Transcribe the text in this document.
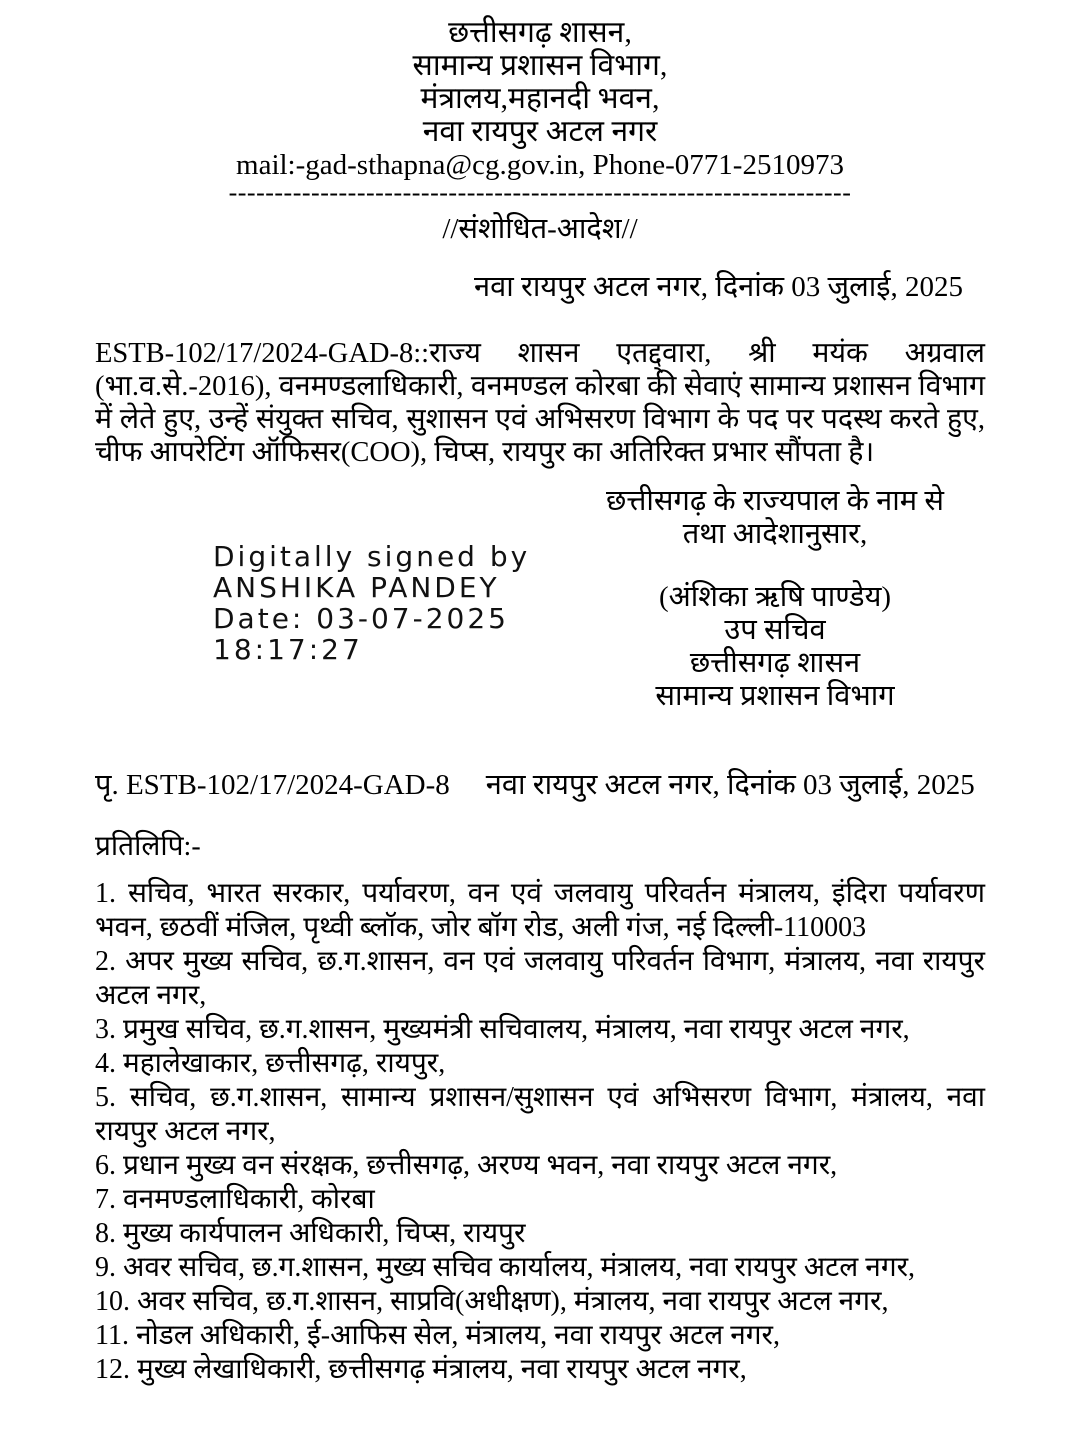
छत्तीसगढ़ शासन,
सामान्य प्रशासन विभाग,
मंत्रालय,महानदी भवन,
नवा रायपुर अटल नगर
mail:-gad-sthapna@cg.gov.in, Phone-0771-2510973
--------------------------------------------------------------------
//संशोधित-आदेश//
नवा रायपुर अटल नगर, दिनांक 03 जुलाई, 2025
ESTB-102/17/2024-GAD-8::राज्य शासन एतद्द्वारा, श्री मयंक अग्रवाल (भा.व.से.-2016), वनमण्डलाधिकारी, वनमण्डल कोरबा की सेवाएं सामान्य प्रशासन विभाग में लेते हुए, उन्हें संयुक्त सचिव, सुशासन एवं अभिसरण विभाग के पद पर पदस्थ करते हुए, चीफ आपरेटिंग ऑफिसर(COO), चिप्स, रायपुर का अतिरिक्त प्रभार सौंपता है।
Digitally signed by
ANSHIKA PANDEY
Date: 03-07-2025
18:17:27
छत्तीसगढ़ के राज्यपाल के नाम से
तथा आदेशानुसार,
(अंशिका ऋषि पाण्डेय)
उप सचिव
छत्तीसगढ़ शासन
सामान्य प्रशासन विभाग
पृ. ESTB-102/17/2024-GAD-8 नवा रायपुर अटल नगर, दिनांक 03 जुलाई, 2025
प्रतिलिपि:-
1. सचिव, भारत सरकार, पर्यावरण, वन एवं जलवायु परिवर्तन मंत्रालय, इंदिरा पर्यावरण भवन, छठवीं मंजिल, पृथ्वी ब्लॉक, जोर बॉग रोड, अली गंज, नई दिल्ली-110003
2. अपर मुख्य सचिव, छ.ग.शासन, वन एवं जलवायु परिवर्तन विभाग, मंत्रालय, नवा रायपुर अटल नगर,
3. प्रमुख सचिव, छ.ग.शासन, मुख्यमंत्री सचिवालय, मंत्रालय, नवा रायपुर अटल नगर,
4. महालेखाकार, छत्तीसगढ़, रायपुर,
5. सचिव, छ.ग.शासन, सामान्य प्रशासन/सुशासन एवं अभिसरण विभाग, मंत्रालय, नवा रायपुर अटल नगर,
6. प्रधान मुख्य वन संरक्षक, छत्तीसगढ़, अरण्य भवन, नवा रायपुर अटल नगर,
7. वनमण्डलाधिकारी, कोरबा
8. मुख्य कार्यपालन अधिकारी, चिप्स, रायपुर
9. अवर सचिव, छ.ग.शासन, मुख्य सचिव कार्यालय, मंत्रालय, नवा रायपुर अटल नगर,
10. अवर सचिव, छ.ग.शासन, साप्रवि(अधीक्षण), मंत्रालय, नवा रायपुर अटल नगर,
11. नोडल अधिकारी, ई-आफिस सेल, मंत्रालय, नवा रायपुर अटल नगर,
12. मुख्य लेखाधिकारी, छत्तीसगढ़ मंत्रालय, नवा रायपुर अटल नगर,
